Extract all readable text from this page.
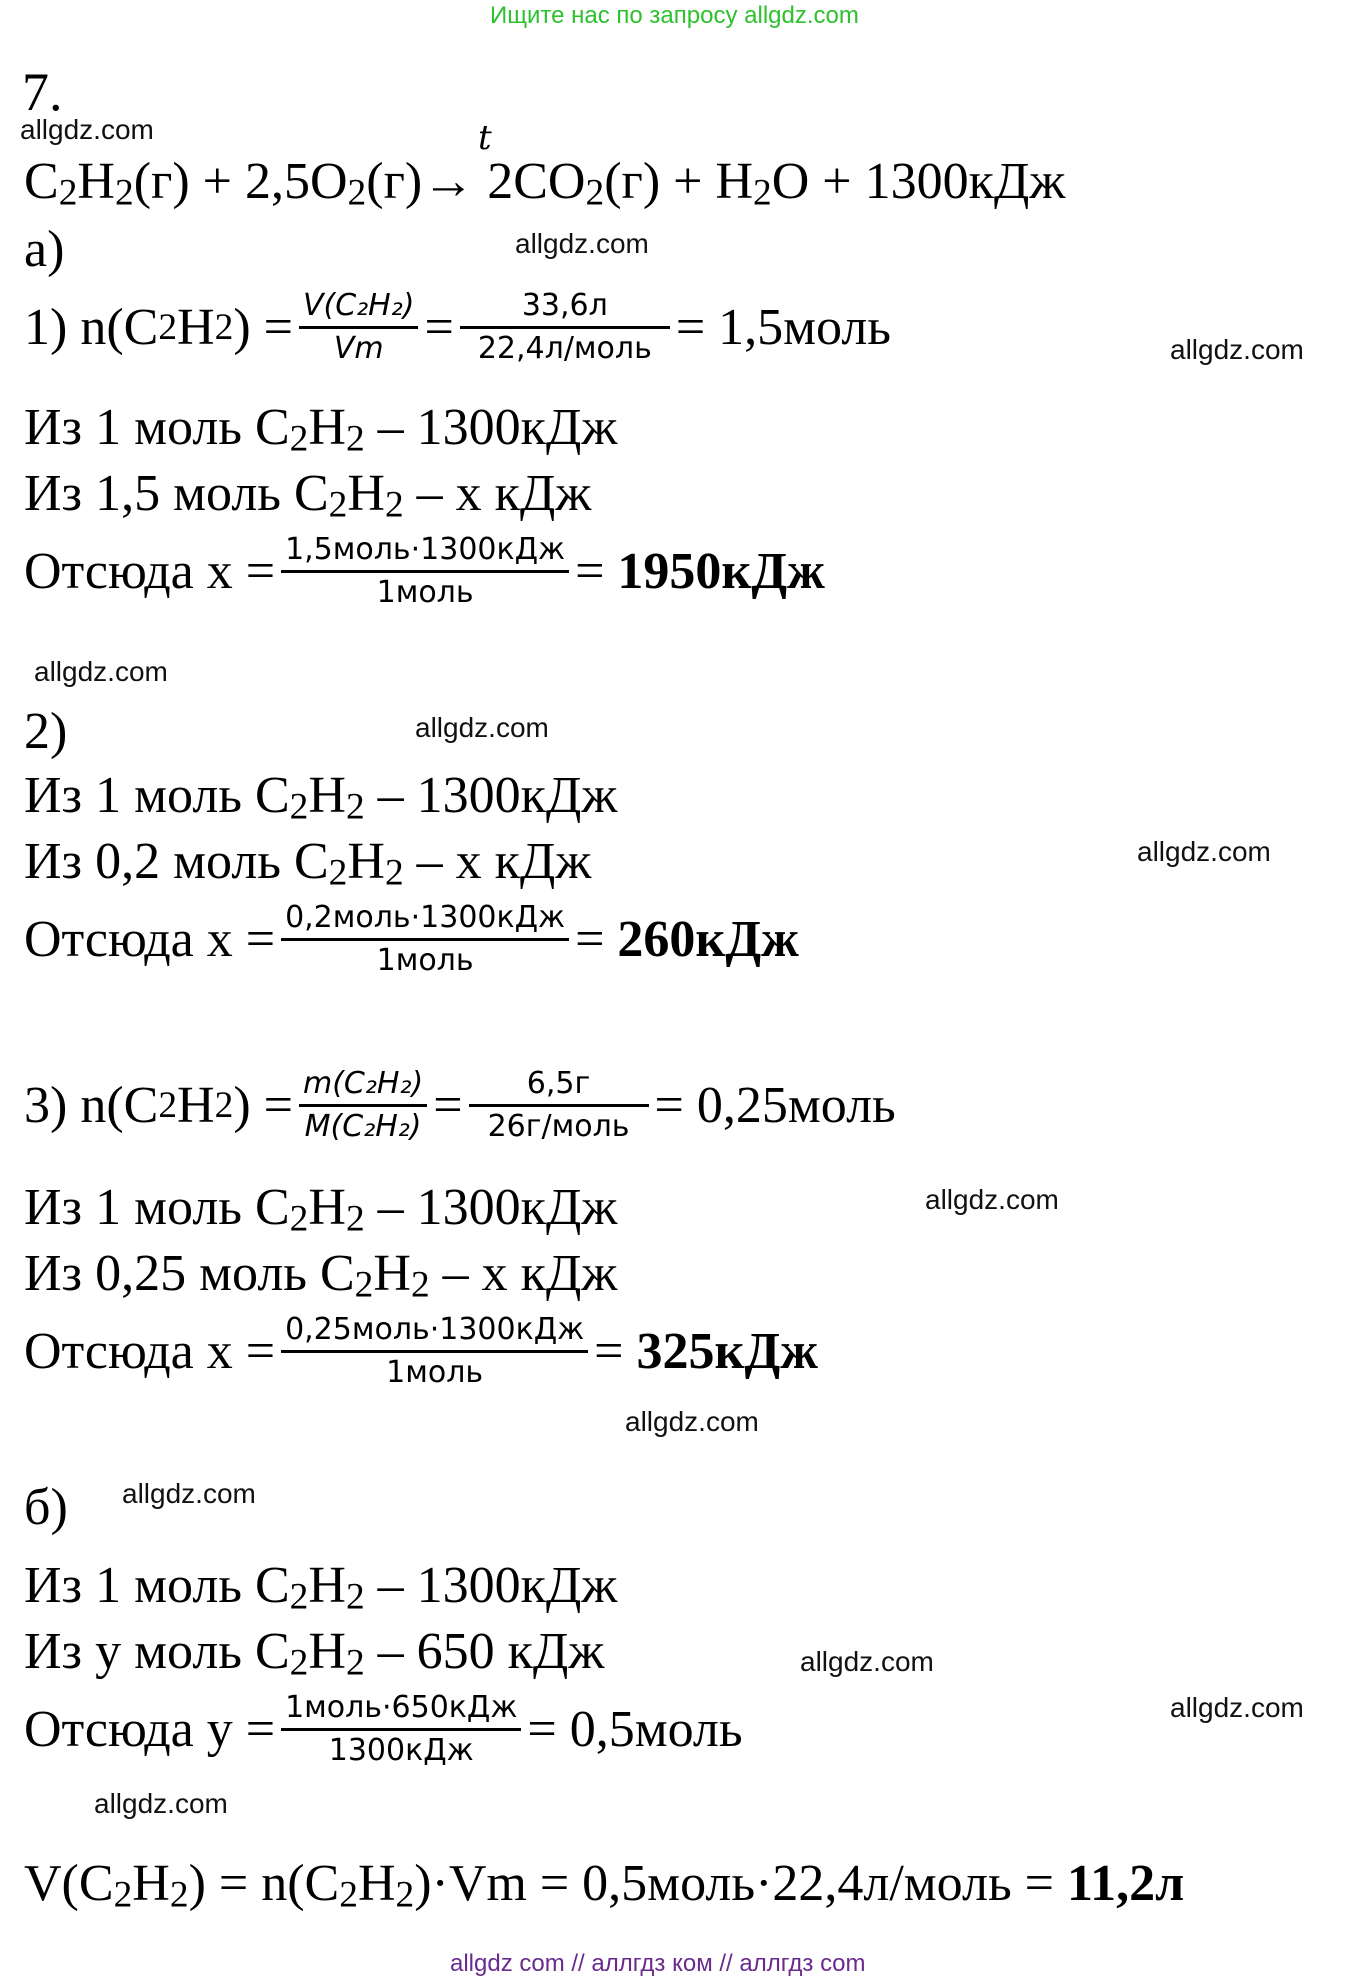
Ищите нас по запросу allgdz.com
7.
allgdz.com	t
C2H2(г) + 2,5O2(г)→ 2CO2(г) + H2O + 1300кДж
а)	allgdz.com
1) n(C 2 H 2 ) = $\frac{\text{V(C₂H₂)}}{Vm} = \frac{33,6л}{\text{22,4л/моль}}$ = 1,5моль	allgdz.com
Из 1 моль C2H2 – 1300кДж
Из 1,5 моль C2H2 – x кДж
Отсюда $x = \frac{\text{1,5моль·1300кДж}}{\text{1моль}}$ =
1950кДж
allgdz.com
2)	allgdz.com
Из 1 моль C2H2 – 1300кДж
allgdz.com
Из 0,2 моль C2H2 – x кДж
Отсюда $x = \frac{\text{0,2моль·1300кДж}}{\text{1моль}}$ =
260кДж
3) n(C 2 H 2 ) = $\frac{\text{m(C₂H₂)}}{\text{M(C₂H₂)}} = \frac{6,5г}{\text{26г/моль}}$ = 0,25моль
Из 1 моль C2H2 – 1300кДж	allgdz.com
Из 0,25 моль C2H2 – x кДж
Отсюда $x = \frac{\text{0,25моль·1300кДж}}{\text{1моль}}$ =
325кДж
allgdz.com
б) allgdz.com
Из 1 моль C2H2 – 1300кДж
Из y моль C2H2 – 650 кДж	allgdz.com
Отсюда $y = \frac{\text{1моль·650кДж}}{\text{1300кДж}}$ = 0,5моль	allgdz.com
allgdz.com
V(C2H2) = n(C2H2)·Vm = 0,5моль·22,4л/моль = 11,2л
allgdz com // аллгдз ком // аллгдз com
